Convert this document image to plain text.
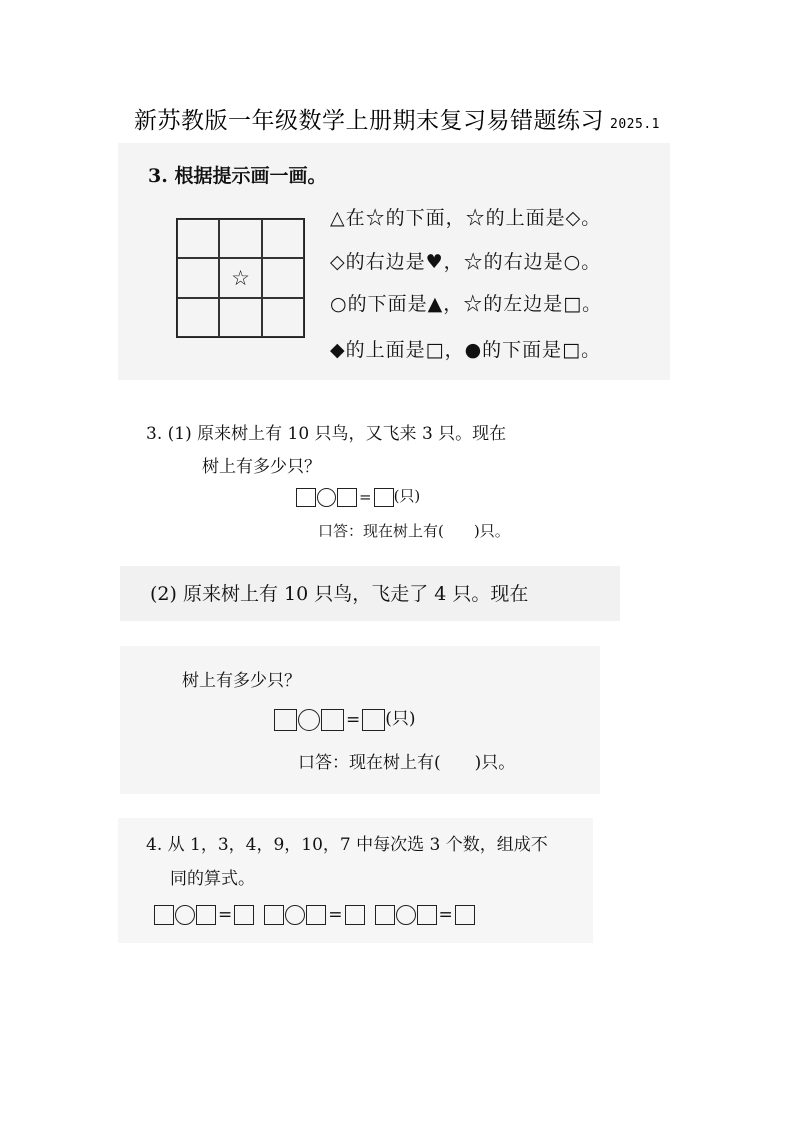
新苏教版一年级数学上册期末复习易错题练习 2025.1
3. 根据提示画一画。
☆
△在☆的下面，☆的上面是◇。
◇的右边是♥，☆的右边是○。
○的下面是▲，☆的左边是□。
◆的上面是□，●的下面是□。
3. (1) 原来树上有 10 只鸟，又飞来 3 只。现在
树上有多少只？
= (只)
口答：现在树上有(　　)只。
(2) 原来树上有 10 只鸟，飞走了 4 只。现在
树上有多少只？
= (只)
口答：现在树上有(　　)只。
4. 从 1，3，4，9，10，7 中每次选 3 个数，组成不
同的算式。
=	=	=
